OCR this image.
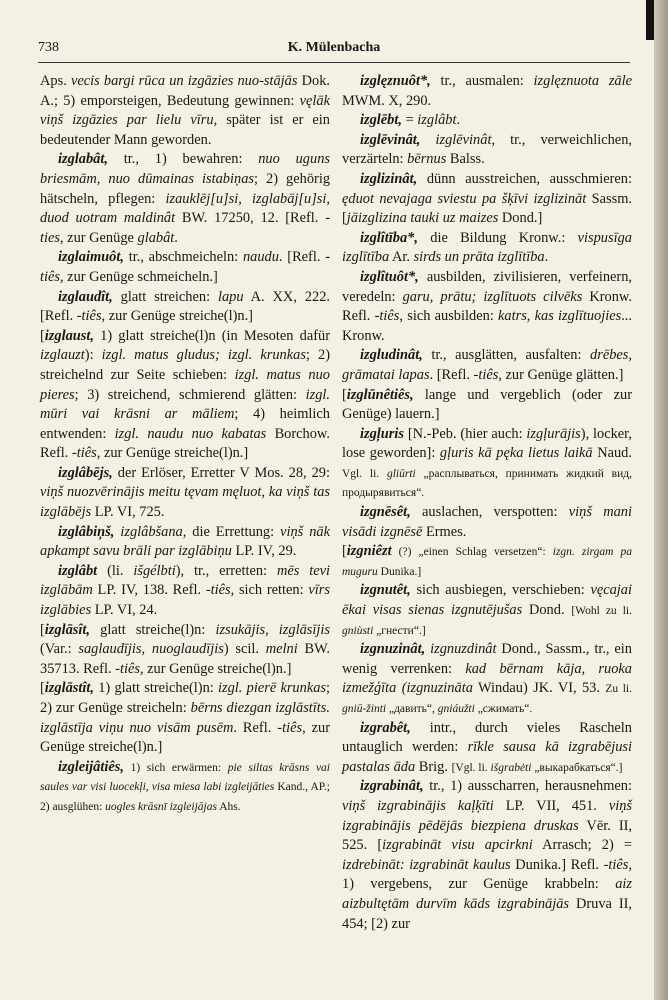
738	K. Mülenbacha

Aps. vecis bargi rūca un izgāzies nuo-stājās Dok. A.; 5) emporsteigen, Bedeutung gewinnen: vęlāk viņš izgāzies par lielu vīru, später ist er ein bedeutender Mann geworden.

izglabât, tr., 1) bewahren: nuo uguns briesmām, nuo dūmainas istabiņas; 2) gehörig hätscheln, pflegen: izauklēj[u]si, izglabāj[u]si, duod uotram maldinât BW. 17250, 12. [Refl. -ties, zur Genüge glabât.

izglaimuôt, tr., abschmeicheln: naudu. [Refl. -tiês, zur Genüge schmeicheln.]

izglaudît, glatt streichen: lapu A. XX, 222. [Refl. -tiês, zur Genüge streiche(l)n.]

[izglaust, 1) glatt streiche(l)n (in Mesoten dafür izglauzt): izgl. matus gludus; izgl. krunkas; 2) streichelnd zur Seite schieben: izgl. matus nuo pieres; 3) streichend, schmierend glätten: izgl. mūri vai krāsni ar māliem; 4) heimlich entwenden: izgl. naudu nuo kabatas Borchow. Refl. -tiês, zur Genüge streiche(l)n.]

izglâbējs, der Erlöser, Erretter V Mos. 28, 29: viņš nuozvērinājis meitu tęvam męluot, ka viņš tas izglābējs LP. VI, 725.

izglâbiņš, izglâbšana, die Errettung: viņš nāk apkampt savu brāli par izglābiņu LP. IV, 29.

izglâbt (li. išgélbti), tr., erretten: mēs tevi izglābām LP. IV, 138. Refl. -tiês, sich retten: vīrs izglābies LP. VI, 24.

[izglāsît, glatt streiche(l)n: izsukājis, izglāsījis (Var.: saglaudījis, nuoglaudījis) scil. melni BW. 35713. Refl. -tiês, zur Genüge streiche(l)n.]

[izglāstît, 1) glatt streiche(l)n: izgl. pierē krunkas; 2) zur Genüge streicheln: bērns diezgan izglāstīts. izglāstīja viņu nuo visām pusēm. Refl. -tiês, zur Genüge streiche(l)n.]

izgleijâtiês, 1) sich erwärmen: pie siltas krāsns vai saules var visi luocekļi, visa miesa labi izgleijāties Kand., AP.; 2) ausglühen: uogles krāsnī izgleijājas Ahs.

izglęznuôt*, tr., ausmalen: izglęznuota zāle MWM. X, 290.

izglēbt, = izglâbt.

izglēvinât, izglēvinât, tr., verweichlichen, verzärteln: bērnus Balss.

izglizinât, dünn ausstreichen, ausschmieren: ęduot nevajaga sviestu pa šķīvi izglizināt Sassm. [jāizglizina tauki uz maizes Dond.]

izglîtība*, die Bildung Kronw.: vispusīga izglītība Ar. sirds un prāta izglītība.

izglîtuôt*, ausbilden, zivilisieren, verfeinern, veredeln: garu, prātu; izglītuots cilvēks Kronw. Refl. -tiês, sich ausbilden: katrs, kas izglītuojies... Kronw.

izgludinât, tr., ausglätten, ausfalten: drēbes, grāmatai lapas. [Refl. -tiês, zur Genüge glätten.]

[izglūnêtiês, lange und vergeblich (oder zur Genüge) lauern.]

izgļuris [N.-Peb. (hier auch: izgļurājis), locker, lose geworden]: gļuris kā pęka lietus laikā Naud. Vgl. li. gliūrti „расплываться, принимать жидкий вид, продырявиться“.

izgnēsêt, auslachen, verspotten: viņš mani visādi izgnēsē Ermes.

[izgniêzt (?) „einen Schlag versetzen“: izgn. zirgam pa muguru Dunika.]

izgnutêt, sich ausbiegen, verschieben: vęcajai ēkai visas sienas izgnutējušas Dond. [Wohl zu li. gniùsti „гнести“.]

izgnuzinât, izgnuzdinât Dond., Sassm., tr., ein wenig verrenken: kad bērnam kāja, ruoka izmežģīta (izgnuzināta Windau) JK. VI, 53. Zu li. gniū-žinti „давить“, gniáužti „сжимать“.

izgrabêt, intr., durch vieles Rascheln untauglich werden: rīkle sausa kā izgrabējusi pastalas āda Brig. [Vgl. li. išgrabėti „выкарабкаться“.]

izgrabinât, tr., 1) ausscharren, herausnehmen: viņš izgrabinājis kaļķīti LP. VII, 451. viņš izgrabinājis pēdējās biezpiena druskas Vēr. II, 525. [izgrabināt visu apcirkni Arrasch; 2) = izdrebināt: izgrabināt kaulus Dunika.] Refl. -tiês, 1) vergebens, zur Genüge krabbeln: aiz aizbultętām durvīm kāds izgrabinājās Druva II, 454; [2) zur
